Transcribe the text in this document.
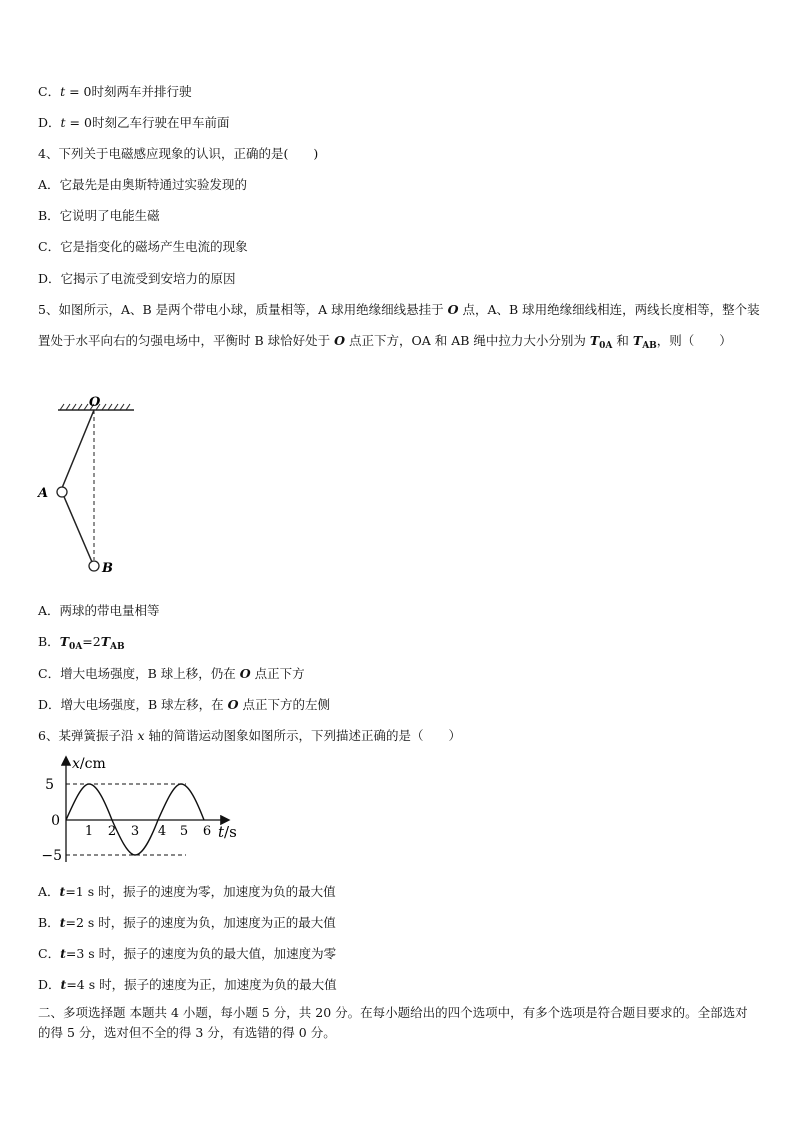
C．t = 0时刻两车并排行驶
D．t = 0时刻乙车行驶在甲车前面
4、下列关于电磁感应现象的认识，正确的是(　　)
A．它最先是由奥斯特通过实验发现的
B．它说明了电能生磁
C．它是指变化的磁场产生电流的现象
D．它揭示了电流受到安培力的原因
5、如图所示，A、B 是两个带电小球，质量相等，A 球用绝缘细线悬挂于 O 点，A、B 球用绝缘细线相连，两线长度相等，整个装置处于水平向右的匀强电场中，平衡时 B 球恰好处于 O 点正下方，OA 和 AB 绳中拉力大小分别为 $T_{0A}$ 和 $T_{AB}$，则（　　）
O
A
B
A．两球的带电量相等
B．$T_{0A}=2T_{AB}$
C．增大电场强度，B 球上移，仍在 O 点正下方
D．增大电场强度，B 球左移，在 O 点正下方的左侧
6、某弹簧振子沿 x 轴的简谐运动图象如图所示，下列描述正确的是（　　）
x/cm
t/s
5
0
−5
1 2 3 4 5 6
A．t=1 s 时，振子的速度为零，加速度为负的最大值
B．t=2 s 时，振子的速度为负，加速度为正的最大值
C．t=3 s 时，振子的速度为负的最大值，加速度为零
D．t=4 s 时，振子的速度为正，加速度为负的最大值
二、多项选择题 本题共 4 小题，每小题 5 分，共 20 分。在每小题给出的四个选项中，有多个选项是符合题目要求的。全部选对的得 5 分，选对但不全的得 3 分，有选错的得 0 分。
